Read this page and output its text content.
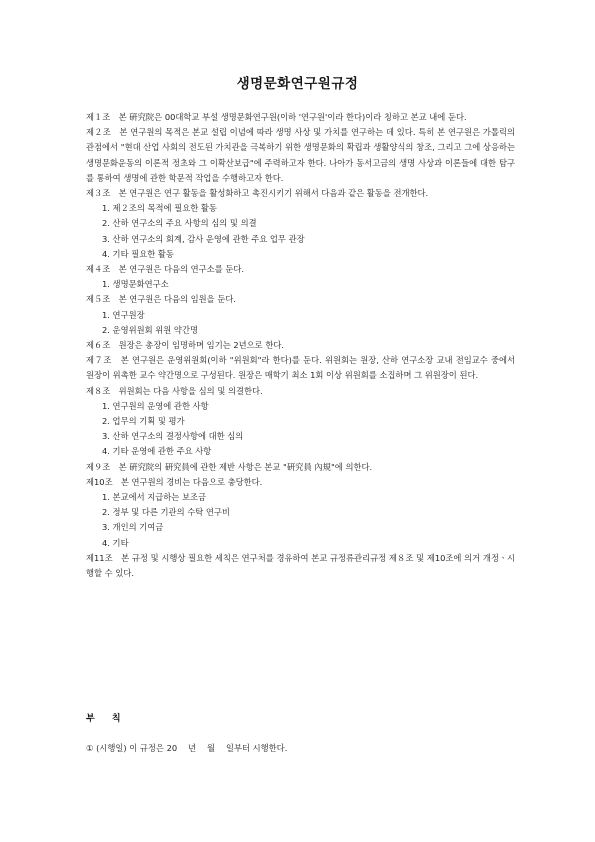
생명문화연구원규정

제１조　본 硏究院은 00대학교 부설 생명문화연구원(이하 '연구원'이라 한다)이라 칭하고 본교 내에 둔다.

제２조　본 연구원의 목적은 본교 설립 이념에 따라 생명 사상 및 가치를 연구하는 데 있다. 특히 본 연구원은 가톨릭의 관점에서 "현대 산업 사회의 전도된 가치관을 극복하기 위한 생명문화의 확립과 생활양식의 창조, 그리고 그에 상응하는 생명문화운동의 이론적 정초와 그 이확산보급"에 주력하고자 한다. 나아가 동서고금의 생명 사상과 이론들에 대한 탐구를 통하여 생명에 관한 학문적 작업을 수행하고자 한다.

제３조　본 연구원은 연구 활동을 활성화하고 촉진시키기 위해서 다음과 같은 활동을 전개한다.

1. 제２조의 목적에 필요한 활동

2. 산하 연구소의 주요 사항의 심의 및 의결

3. 산하 연구소의 회계, 감사 운영에 관한 주요 업무 관장

4. 기타 필요한 활동

제４조　본 연구원은 다음의 연구소를 둔다.

1. 생명문화연구소

제５조　본 연구원은 다음의 임원을 둔다.

1. 연구원장

2. 운영위원회 위원 약간명

제６조　원장은 총장이 임명하며 임기는 2년으로 한다.

제７조　본 연구원은 운영위원회(이하 "위원회"라 한다)를 둔다. 위원회는 원장, 산하 연구소장 교내 전임교수 중에서 원장이 위촉한 교수 약간명으로 구성된다. 원장은 매학기 최소 1회 이상 위원회를 소집하며 그 위원장이 된다.

제８조　위원회는 다음 사항을 심의 및 의결한다.

1. 연구원의 운영에 관한 사항

2. 업무의 기획 및 평가

3. 산하 연구소의 결정사항에 대한 심의

4. 기타 운영에 관한 주요 사항

제９조　본 硏究院의 硏究員에 관한 제반 사항은 본교 "硏究員 內規"에 의한다.

제10조　본 연구원의 경비는 다음으로 충당한다.

1. 본교에서 지급하는 보조금

2. 정부 및 다른 기관의 수탁 연구비

3. 개인의 기여금

4. 기타

제11조　본 규정 및 시행상 필요한 세칙은 연구처를 경유하여 본교 규정류관리규정 제８조 및 제10조에 의거 개정ㆍ시행할 수 있다.

부 칙
① (시행일) 이 규정은 20　 년　 월　 일부터 시행한다.
